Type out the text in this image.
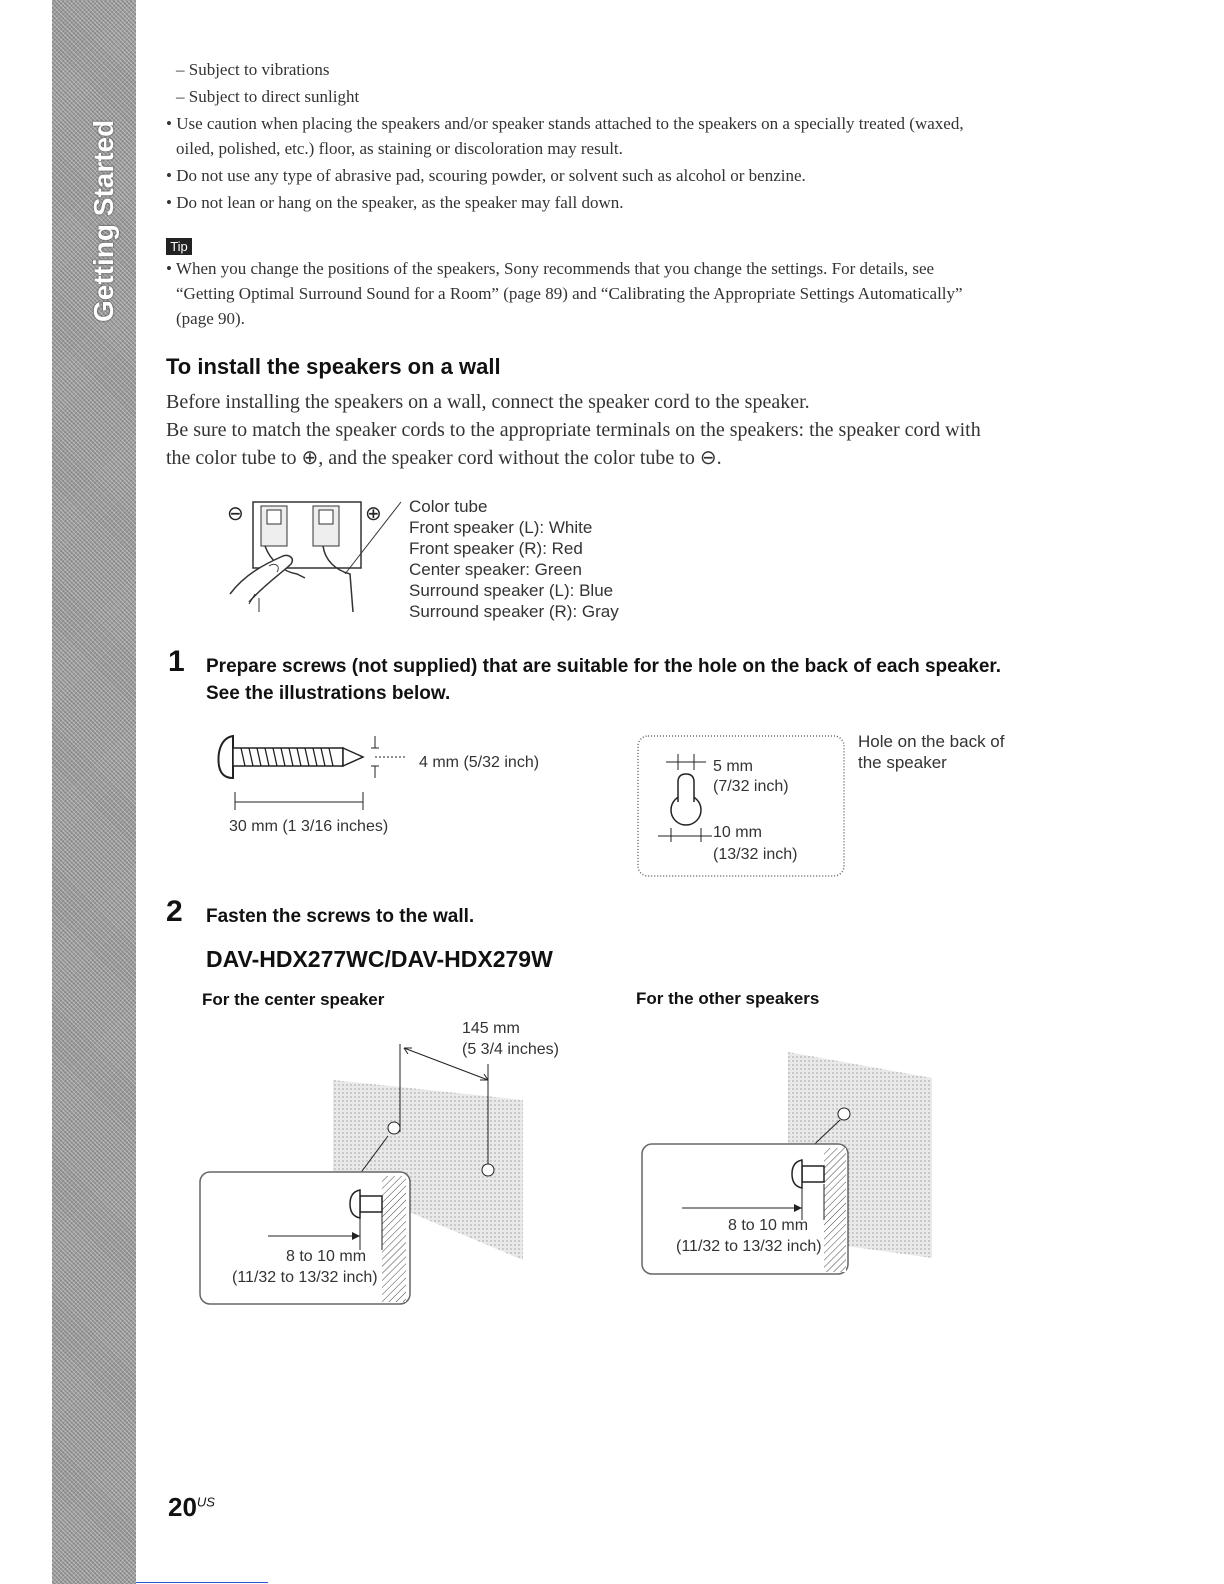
Getting Started
– Subject to vibrations
– Subject to direct sunlight
• Use caution when placing the speakers and/or speaker stands attached to the speakers on a specially treated (waxed,
oiled, polished, etc.) floor, as staining or discoloration may result.
• Do not use any type of abrasive pad, scouring powder, or solvent such as alcohol or benzine.
• Do not lean or hang on the speaker, as the speaker may fall down.
Tip
• When you change the positions of the speakers, Sony recommends that you change the settings. For details, see
“Getting Optimal Surround Sound for a Room” (page 89) and “Calibrating the Appropriate Settings Automatically”
(page 90).
To install the speakers on a wall
Before installing the speakers on a wall, connect the speaker cord to the speaker.
Be sure to match the speaker cords to the appropriate terminals on the speakers: the speaker cord with
the color tube to ⊕, and the speaker cord without the color tube to ⊖.
⊖	⊕ Color tube
Front speaker (L): White
Front speaker (R): Red
Center speaker: Green
Surround speaker (L): Blue
Surround speaker (R): Gray
1 Prepare screws (not supplied) that are suitable for the hole on the back of each speaker.
See the illustrations below.
4 mm (5/32 inch)
30 mm (1 3/16 inches)
5 mm
(7/32 inch)
10 mm
(13/32 inch)
Hole on the back of
the speaker
2 Fasten the screws to the wall.
DAV-HDX277WC/DAV-HDX279W
For the center speaker	For the other speakers
145 mm
(5 3/4 inches)
8 to 10 mm
(11/32 to 13/32 inch)
8 to 10 mm
(11/32 to 13/32 inch)
$20^{US}$
